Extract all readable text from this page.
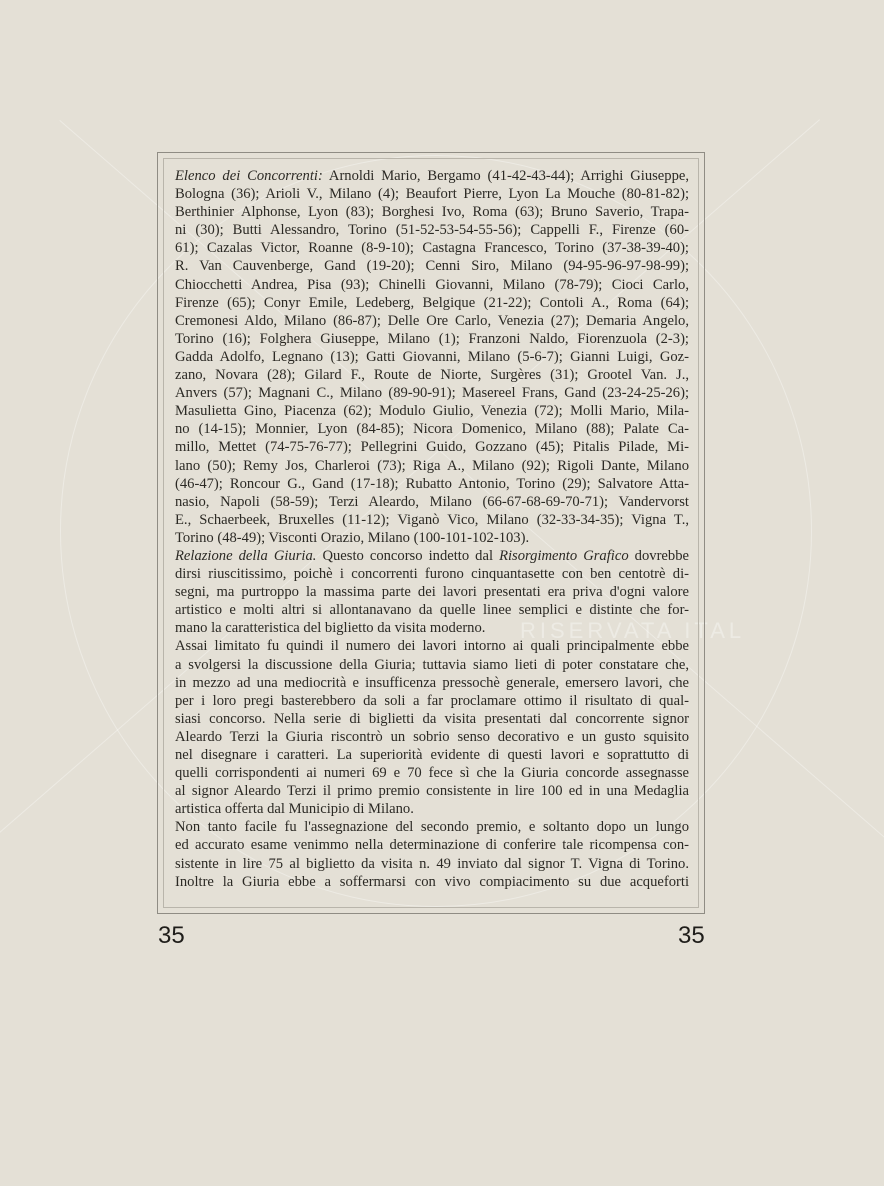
RISERVATA ITAL
Elenco dei Concorrenti: Arnoldi Mario, Bergamo (41-42-43-44); Arrighi Giuseppe,
Bologna (36); Arioli V., Milano (4); Beaufort Pierre, Lyon La Mouche (80-81-82);
Berthinier Alphonse, Lyon (83); Borghesi Ivo, Roma (63); Bruno Saverio, Trapa-
ni (30); Butti Alessandro, Torino (51-52-53-54-55-56); Cappelli F., Firenze (60-
61); Cazalas Victor, Roanne (8-9-10); Castagna Francesco, Torino (37-38-39-40);
R. Van Cauvenberge, Gand (19-20); Cenni Siro, Milano (94-95-96-97-98-99);
Chiocchetti Andrea, Pisa (93); Chinelli Giovanni, Milano (78-79); Cioci Carlo,
Firenze (65); Conyr Emile, Ledeberg, Belgique (21-22); Contoli A., Roma (64);
Cremonesi Aldo, Milano (86-87); Delle Ore Carlo, Venezia (27); Demaria Angelo,
Torino (16); Folghera Giuseppe, Milano (1); Franzoni Naldo, Fiorenzuola (2-3);
Gadda Adolfo, Legnano (13); Gatti Giovanni, Milano (5-6-7); Gianni Luigi, Goz-
zano, Novara (28); Gilard F., Route de Niorte, Surgères (31); Grootel Van. J.,
Anvers (57); Magnani C., Milano (89-90-91); Masereel Frans, Gand (23-24-25-26);
Masulietta Gino, Piacenza (62); Modulo Giulio, Venezia (72); Molli Mario, Mila-
no (14-15); Monnier, Lyon (84-85); Nicora Domenico, Milano (88); Palate Ca-
millo, Mettet (74-75-76-77); Pellegrini Guido, Gozzano (45); Pitalis Pilade, Mi-
lano (50); Remy Jos, Charleroi (73); Riga A., Milano (92); Rigoli Dante, Milano
(46-47); Roncour G., Gand (17-18); Rubatto Antonio, Torino (29); Salvatore Atta-
nasio, Napoli (58-59); Terzi Aleardo, Milano (66-67-68-69-70-71); Vandervorst
E., Schaerbeek, Bruxelles (11-12); Viganò Vico, Milano (32-33-34-35); Vigna T.,
Torino (48-49); Visconti Orazio, Milano (100-101-102-103).
Relazione della Giuria. Questo concorso indetto dal Risorgimento Grafico dovrebbe
dirsi riuscitissimo, poichè i concorrenti furono cinquantasette con ben centotrè di-
segni, ma purtroppo la massima parte dei lavori presentati era priva d'ogni valore
artistico e molti altri si allontanavano da quelle linee semplici e distinte che for-
mano la caratteristica del biglietto da visita moderno.
Assai limitato fu quindi il numero dei lavori intorno ai quali principalmente ebbe
a svolgersi la discussione della Giuria; tuttavia siamo lieti di poter constatare che,
in mezzo ad una mediocrità e insufficenza pressochè generale, emersero lavori, che
per i loro pregi basterebbero da soli a far proclamare ottimo il risultato di qual-
siasi concorso. Nella serie di biglietti da visita presentati dal concorrente signor
Aleardo Terzi la Giuria riscontrò un sobrio senso decorativo e un gusto squisito
nel disegnare i caratteri. La superiorità evidente di questi lavori e soprattutto di
quelli corrispondenti ai numeri 69 e 70 fece sì che la Giuria concorde assegnasse
al signor Aleardo Terzi il primo premio consistente in lire 100 ed in una Medaglia
artistica offerta dal Municipio di Milano.
Non tanto facile fu l'assegnazione del secondo premio, e soltanto dopo un lungo
ed accurato esame venimmo nella determinazione di conferire tale ricompensa con-
sistente in lire 75 al biglietto da visita n. 49 inviato dal signor T. Vigna di Torino.
Inoltre la Giuria ebbe a soffermarsi con vivo compiacimento su due acqueforti
35	35
